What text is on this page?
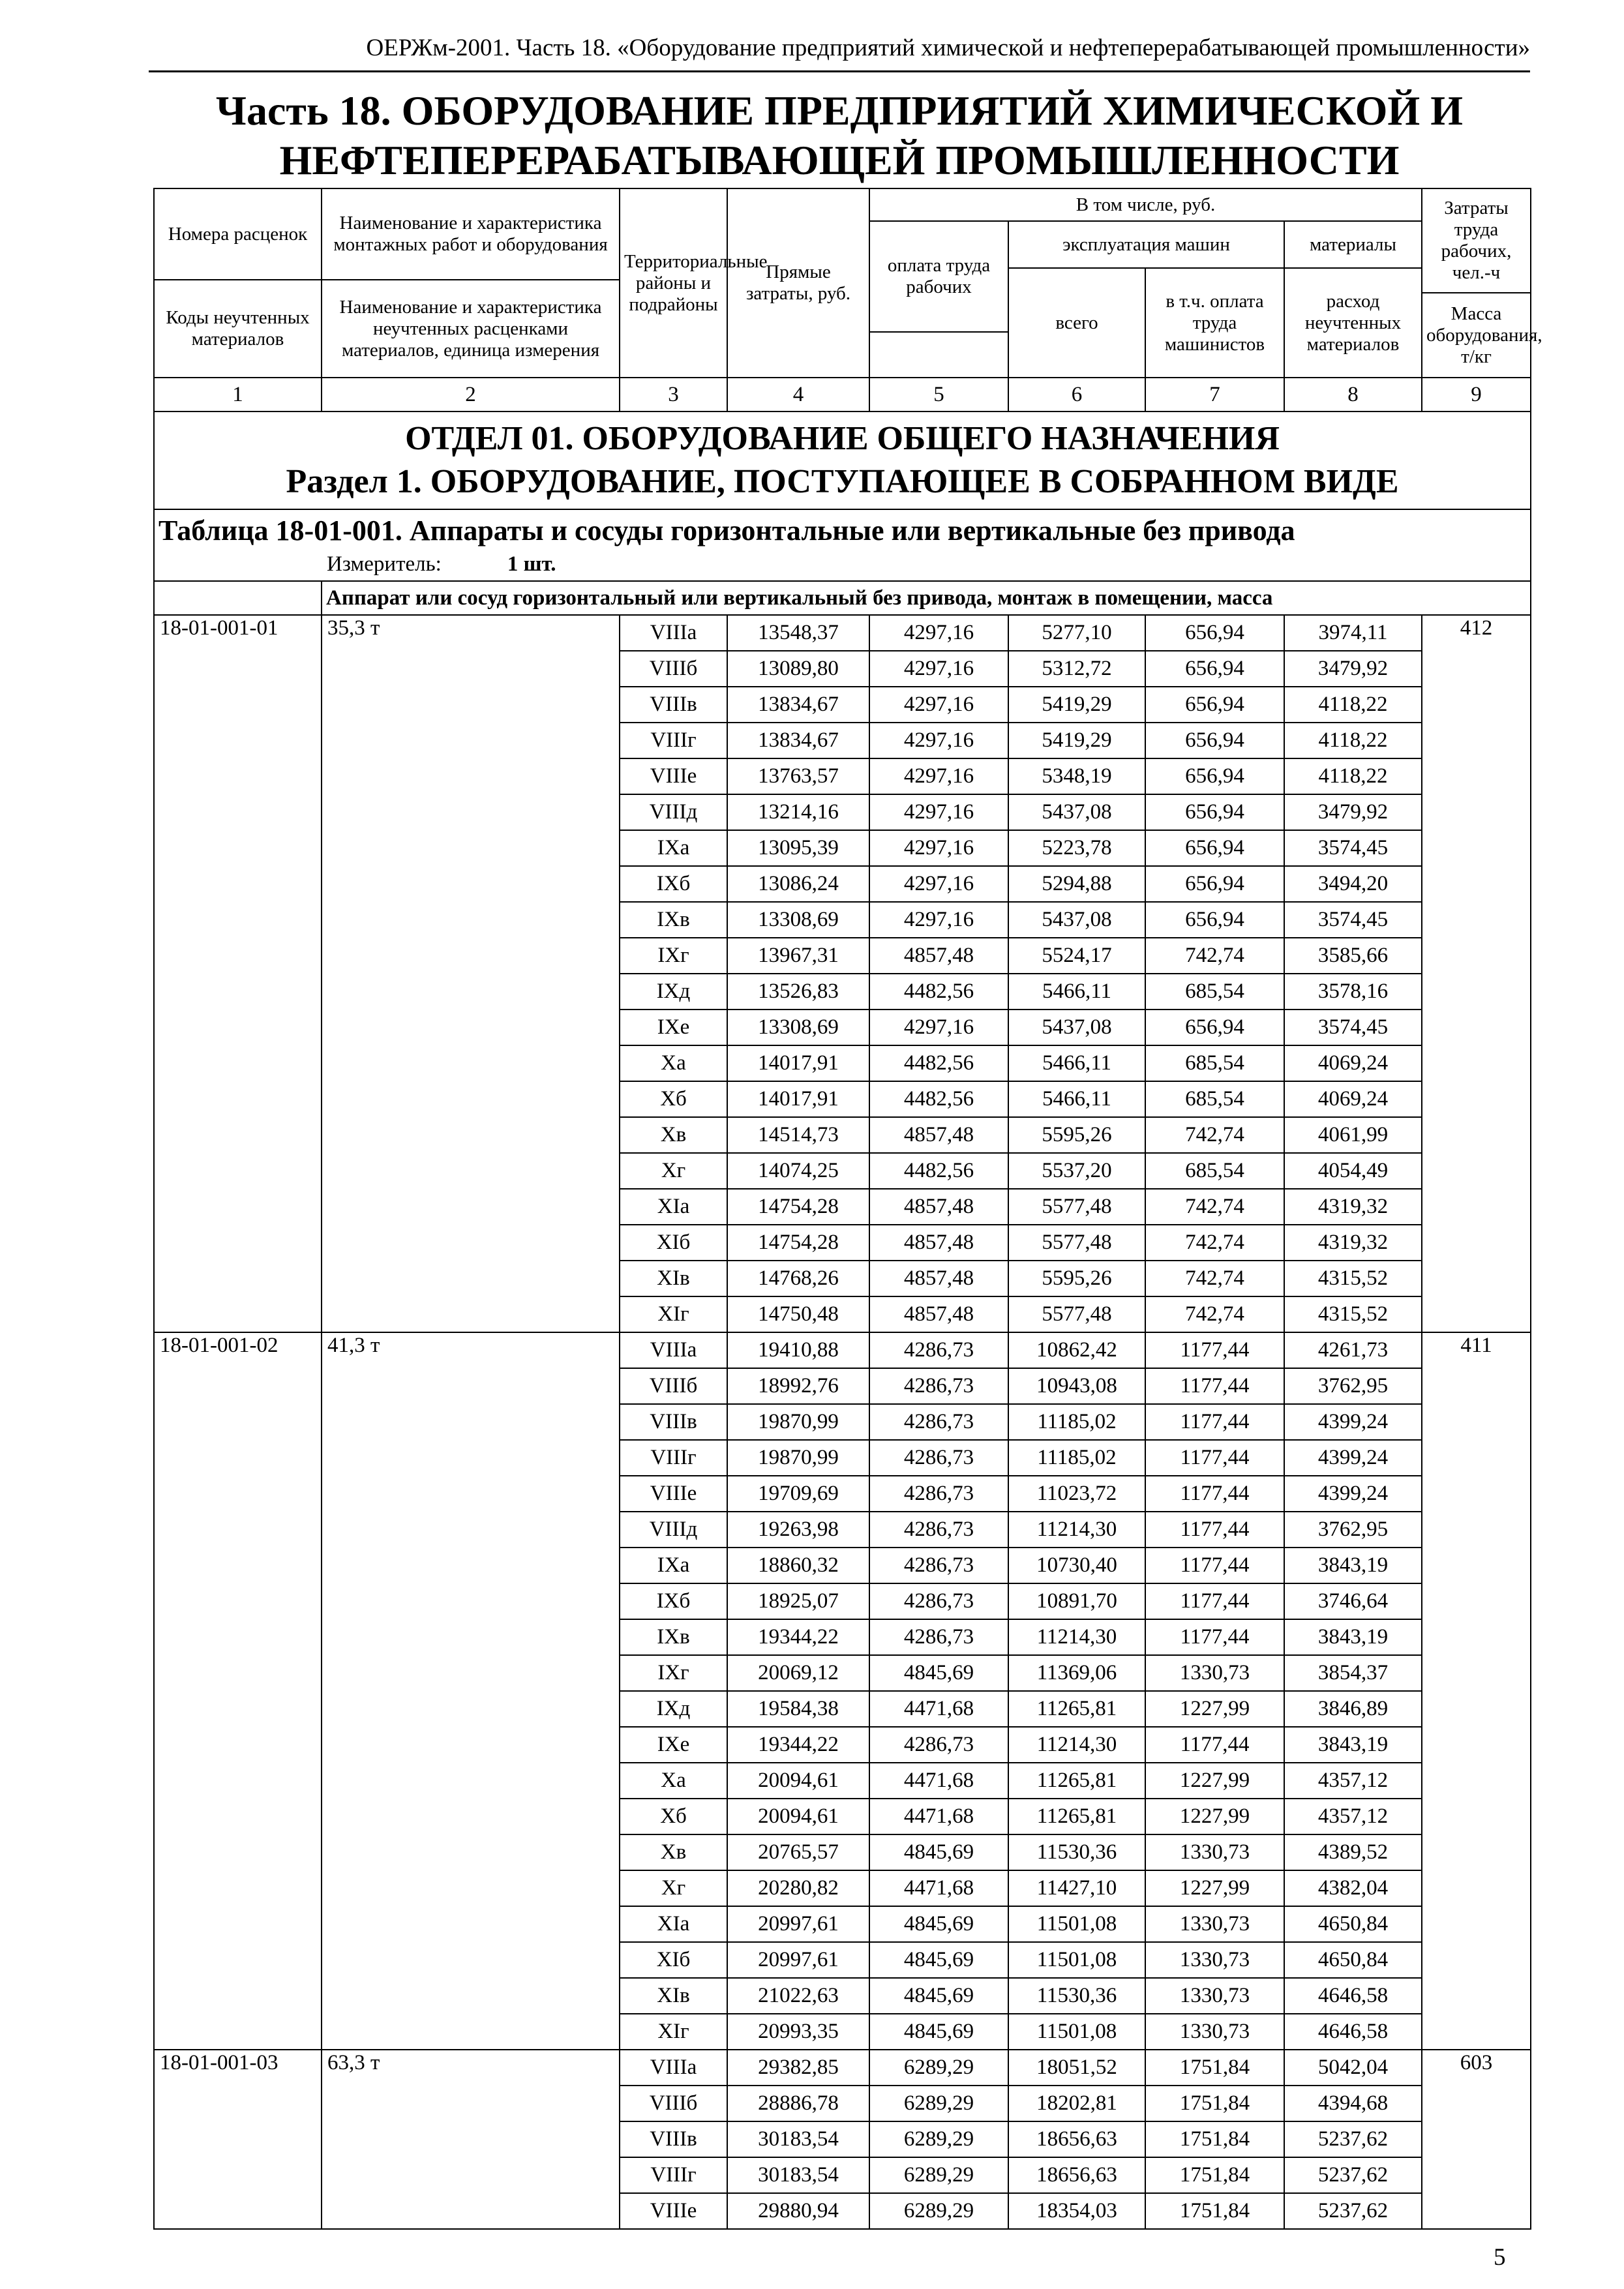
ОЕРЖм-2001. Часть 18. «Оборудование предприятий химической и нефтеперерабатывающей промышленности»
Часть 18. ОБОРУДОВАНИЕ ПРЕДПРИЯТИЙ ХИМИЧЕСКОЙ И
НЕФТЕПЕРЕРАБАТЫВАЮЩЕЙ ПРОМЫШЛЕННОСТИ
Номера расценок	Наименование и характеристика монтажных работ и оборудования	Территориальные районы и подрайоны	Прямые затраты, руб.	В том числе, руб.				Затраты труда рабочих, чел.-ч
				оплата труда рабочих	эксплуатация машин		материалы	
					всего	в т.ч. оплата труда машинистов	расход неучтенных материалов	
Коды неучтенных материалов	Наименование и характеристика неучтенных расценками материалов, единица измерения							
								Масса оборудования, т/кг

1	2	3	4	5	6	7	8	9

ОТДЕЛ 01. ОБОРУДОВАНИЕ ОБЩЕГО НАЗНАЧЕНИЯ
Раздел 1. ОБОРУДОВАНИЕ, ПОСТУПАЮЩЕЕ В СОБРАННОМ ВИДЕ								

Таблица 18-01-001. Аппараты и сосуды горизонтальные или вертикальные без привода
Измеритель: 1 шт.								

	Аппарат или сосуд горизонтальный или вертикальный без привода, монтаж в помещении, масса							
18-01-001-01	35,3 т	VIIIа	13548,37	4297,16	5277,10	656,94	3974,11	412
		VIIIб	13089,80	4297,16	5312,72	656,94	3479,92	
		VIIIв	13834,67	4297,16	5419,29	656,94	4118,22	
		VIIIг	13834,67	4297,16	5419,29	656,94	4118,22	
		VIIIе	13763,57	4297,16	5348,19	656,94	4118,22	
		VIIIд	13214,16	4297,16	5437,08	656,94	3479,92	
		IXа	13095,39	4297,16	5223,78	656,94	3574,45	
		IXб	13086,24	4297,16	5294,88	656,94	3494,20	
		IXв	13308,69	4297,16	5437,08	656,94	3574,45	
		IXг	13967,31	4857,48	5524,17	742,74	3585,66	
		IXд	13526,83	4482,56	5466,11	685,54	3578,16	
		IXе	13308,69	4297,16	5437,08	656,94	3574,45	
		Xа	14017,91	4482,56	5466,11	685,54	4069,24	
		Xб	14017,91	4482,56	5466,11	685,54	4069,24	
		Xв	14514,73	4857,48	5595,26	742,74	4061,99	
		Xг	14074,25	4482,56	5537,20	685,54	4054,49	
		XIа	14754,28	4857,48	5577,48	742,74	4319,32	
		XIб	14754,28	4857,48	5577,48	742,74	4319,32	
		XIв	14768,26	4857,48	5595,26	742,74	4315,52	
		XIг	14750,48	4857,48	5577,48	742,74	4315,52	
18-01-001-02	41,3 т	VIIIа	19410,88	4286,73	10862,42	1177,44	4261,73	411
		VIIIб	18992,76	4286,73	10943,08	1177,44	3762,95	
		VIIIв	19870,99	4286,73	11185,02	1177,44	4399,24	
		VIIIг	19870,99	4286,73	11185,02	1177,44	4399,24	
		VIIIе	19709,69	4286,73	11023,72	1177,44	4399,24	
		VIIIд	19263,98	4286,73	11214,30	1177,44	3762,95	
		IXа	18860,32	4286,73	10730,40	1177,44	3843,19	
		IXб	18925,07	4286,73	10891,70	1177,44	3746,64	
		IXв	19344,22	4286,73	11214,30	1177,44	3843,19	
		IXг	20069,12	4845,69	11369,06	1330,73	3854,37	
		IXд	19584,38	4471,68	11265,81	1227,99	3846,89	
		IXе	19344,22	4286,73	11214,30	1177,44	3843,19	
		Xа	20094,61	4471,68	11265,81	1227,99	4357,12	
		Xб	20094,61	4471,68	11265,81	1227,99	4357,12	
		Xв	20765,57	4845,69	11530,36	1330,73	4389,52	
		Xг	20280,82	4471,68	11427,10	1227,99	4382,04	
		XIа	20997,61	4845,69	11501,08	1330,73	4650,84	
		XIб	20997,61	4845,69	11501,08	1330,73	4650,84	
		XIв	21022,63	4845,69	11530,36	1330,73	4646,58	
		XIг	20993,35	4845,69	11501,08	1330,73	4646,58	
18-01-001-03	63,3 т	VIIIа	29382,85	6289,29	18051,52	1751,84	5042,04	603
		VIIIб	28886,78	6289,29	18202,81	1751,84	4394,68	
		VIIIв	30183,54	6289,29	18656,63	1751,84	5237,62	
		VIIIг	30183,54	6289,29	18656,63	1751,84	5237,62	
		VIIIе	29880,94	6289,29	18354,03	1751,84	5237,62	
5
